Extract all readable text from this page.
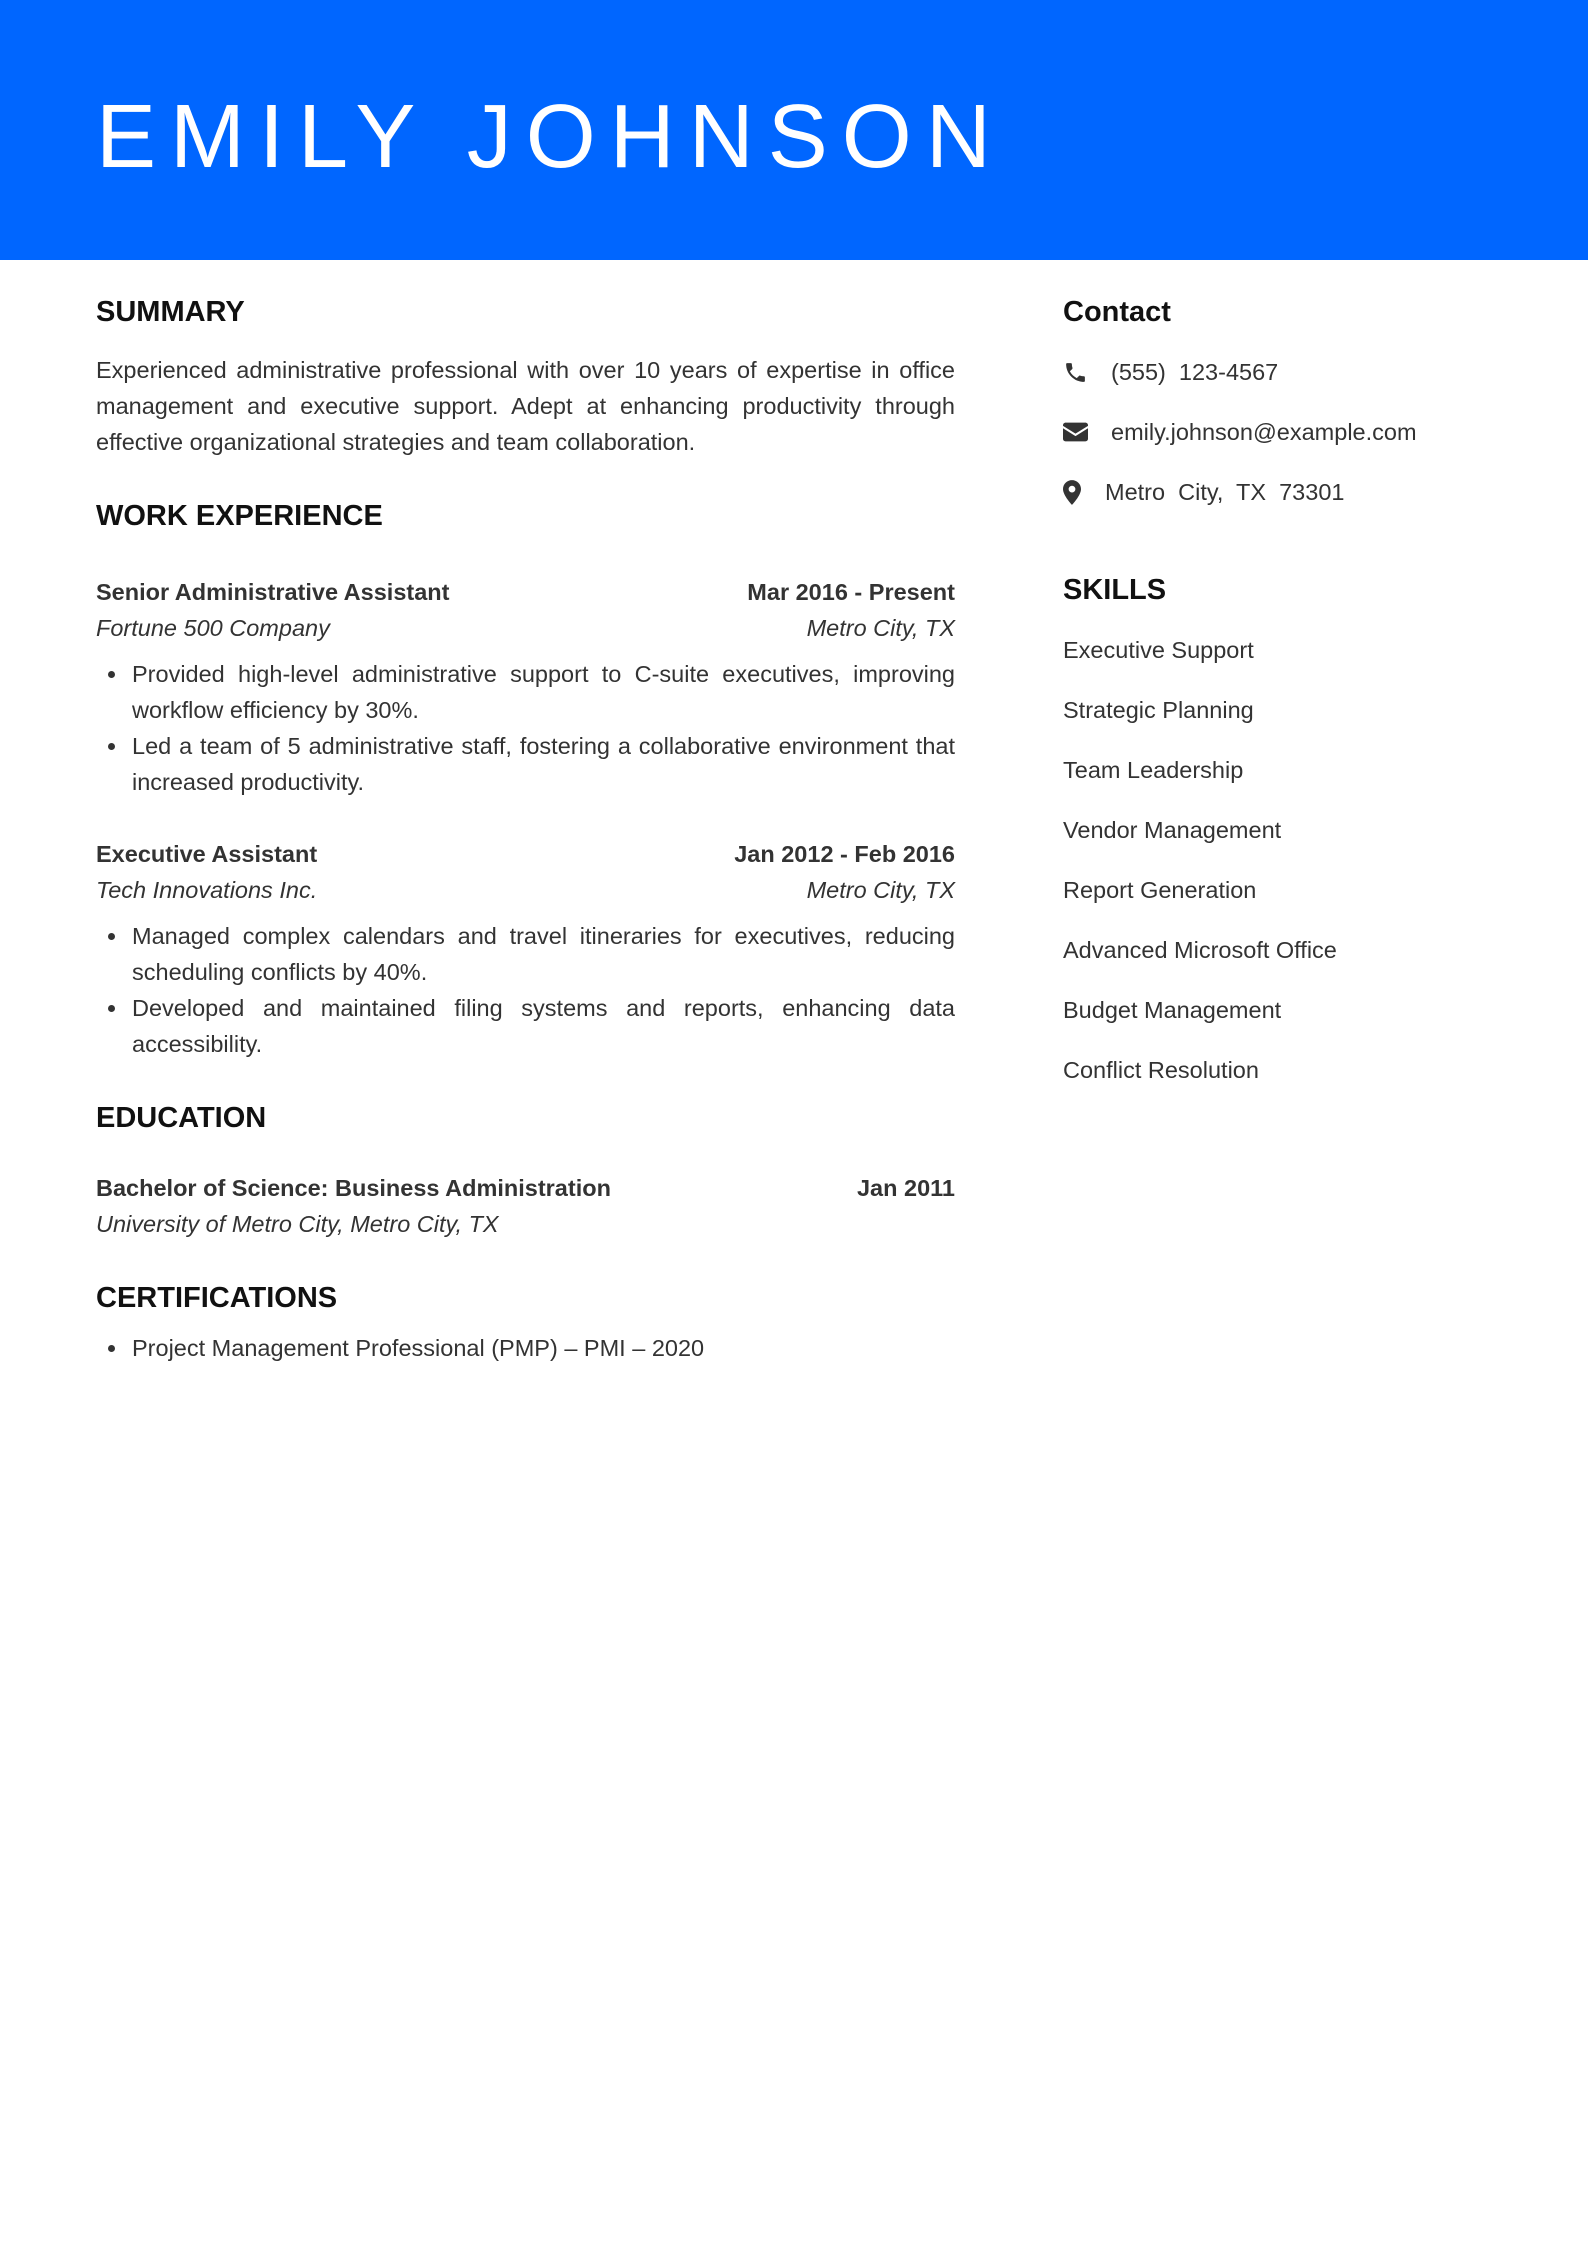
EMILY JOHNSON
SUMMARY

Experienced administrative professional with over 10 years of expertise in office management and executive support. Adept at enhancing productivity through effective organizational strategies and team collaboration.

WORK EXPERIENCE
Senior Administrative Assistant	Mar 2016 - Present
Fortune 500 Company	Metro City, TX
Provided high-level administrative support to C-suite executives, improving workflow efficiency by 30%.
Led a team of 5 administrative staff, fostering a collaborative environment that increased productivity.
Executive Assistant	Jan 2012 - Feb 2016
Tech Innovations Inc.	Metro City, TX
Managed complex calendars and travel itineraries for executives, reducing scheduling conflicts by 40%.
Developed and maintained filing systems and reports, enhancing data accessibility.
EDUCATION
Bachelor of Science: Business Administration	Jan 2011
University of Metro City, Metro City, TX
CERTIFICATIONS
Project Management Professional (PMP) – PMI – 2020
Contact
(555)  123-4567
emily.johnson@example.com
Metro  City,  TX  73301
SKILLS
Executive Support
Strategic Planning
Team Leadership
Vendor Management
Report Generation
Advanced Microsoft Office
Budget Management
Conflict Resolution
